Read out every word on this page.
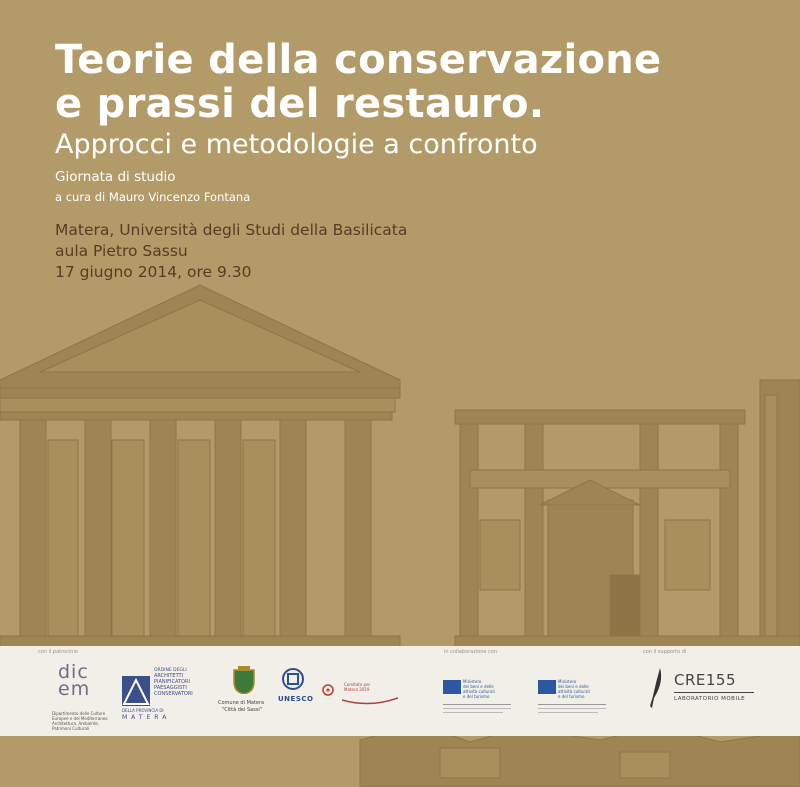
Teorie della conservazione
e prassi del restauro.
Approcci e metodologie a confronto
Giornata di studio
a cura di Mauro Vincenzo Fontana
Matera, Università degli Studi della Basilicata
aula Pietro Sassu
17 giugno 2014, ore 9.30
con il patrocinio	in collaborazione con	con il supporto di
dicem
Dipartimento delle Culture
Europee e del Mediterraneo
Architettura, Ambiente,
Patrimoni Culturali
ORDINE DEGLI
ARCHITETTI
PIANIFICATORI
PAESAGGISTI
CONSERVATORI
DELLA PROVINCIA DI
MATERA
Comune di Matera
"Città dei Sassi"
UNESCO
Comitato per
Matera 2019
Ministero
dei beni e delle
attività culturali
e del turismo
Ministero
dei beni e delle
attività culturali
e del turismo
CRE155
LABORATORIO MOBILE
